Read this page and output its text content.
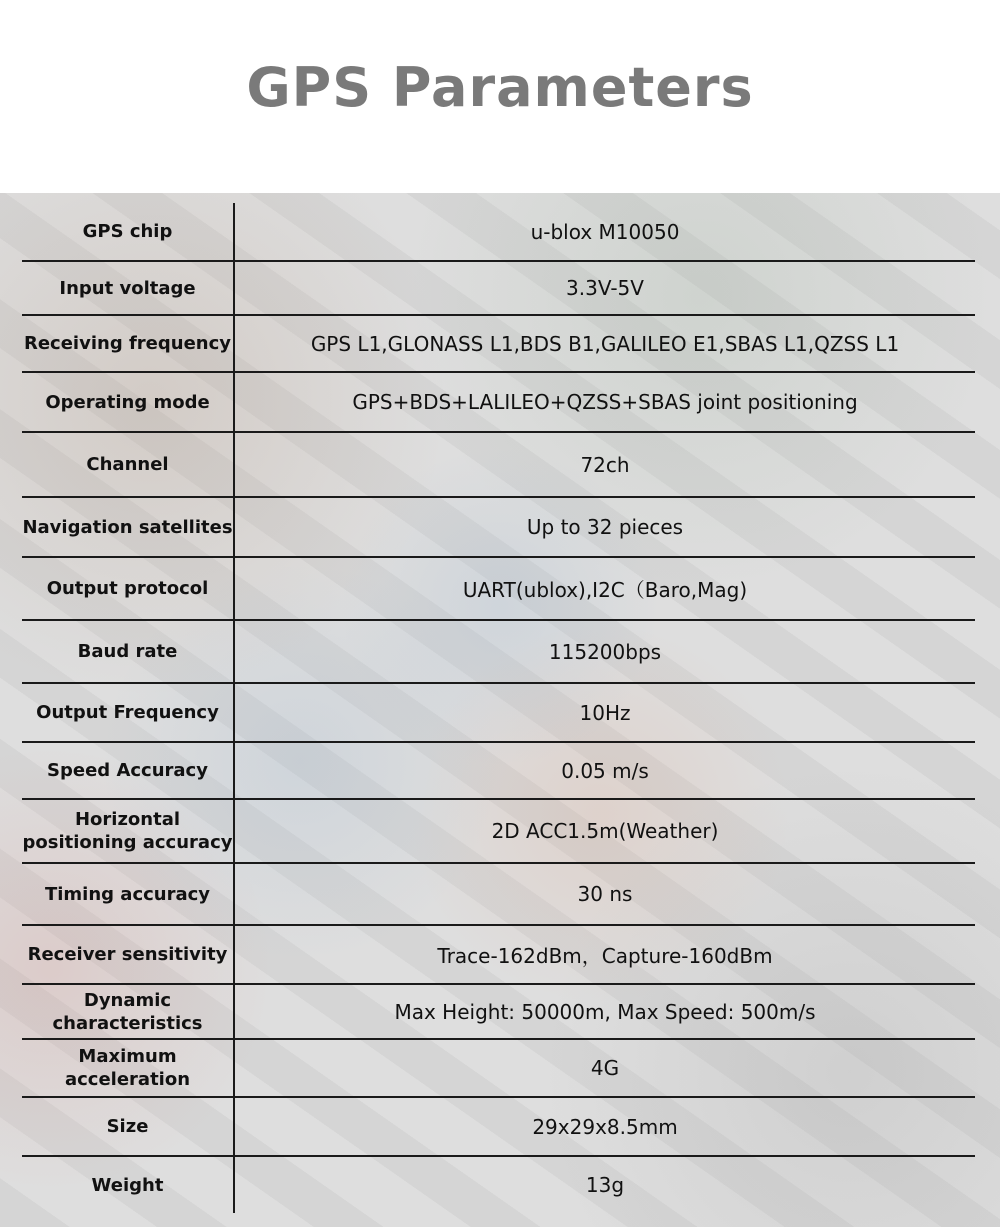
GPS Parameters
GPS chip	u-blox M10050
Input voltage	3.3V-5V
Receiving frequency	GPS L1,GLONASS L1,BDS B1,GALILEO E1,SBAS L1,QZSS L1
Operating mode	GPS+BDS+LALILEO+QZSS+SBAS joint positioning
Channel	72ch
Navigation satellites	Up to 32 pieces
Output protocol	UART(ublox),I2C（Baro,Mag)
Baud rate	115200bps
Output Frequency	10Hz
Speed Accuracy	0.05 m/s
Horizontal positioning accuracy	2D ACC1.5m(Weather)
Timing accuracy	30 ns
Receiver sensitivity	Trace-162dBm，Capture-160dBm
Dynamic characteristics	Max Height: 50000m, Max Speed: 500m/s
Maximum acceleration	4G
Size	29x29x8.5mm
Weight	13g
